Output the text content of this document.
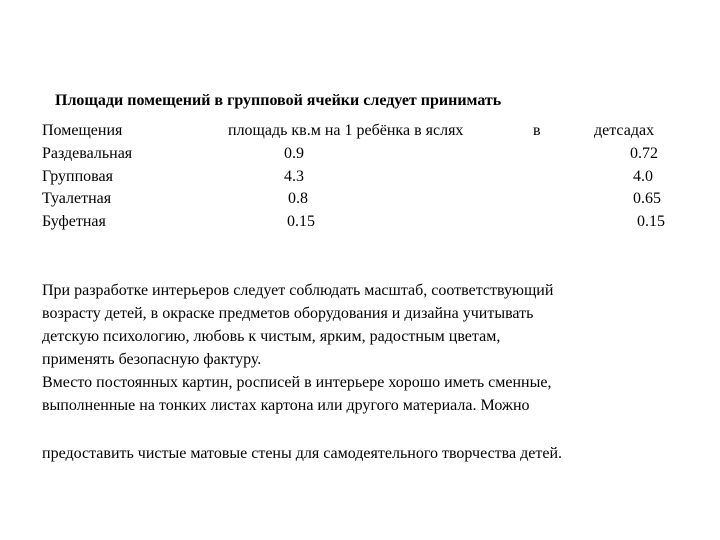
Площади помещений в групповой ячейки следует принимать
Помещения	площадь кв.м на 1 ребёнка в яслях	в	детсадах
Раздевальная	0.9	0.72
Групповая	4.3	4.0
Туалетная	0.8	0.65
Буфетная	0.15	0.15
При разработке интерьеров следует соблюдать масштаб, соответствующий
возрасту детей, в окраске предметов оборудования и дизайна учитывать
детскую психологию, любовь к чистым, ярким, радостным цветам,
применять безопасную фактуру.
Вместо постоянных картин, росписей в интерьере хорошо иметь сменные,
выполненные на тонких листах картона или другого материала. Можно
предоставить чистые матовые стены для самодеятельного творчества детей.
